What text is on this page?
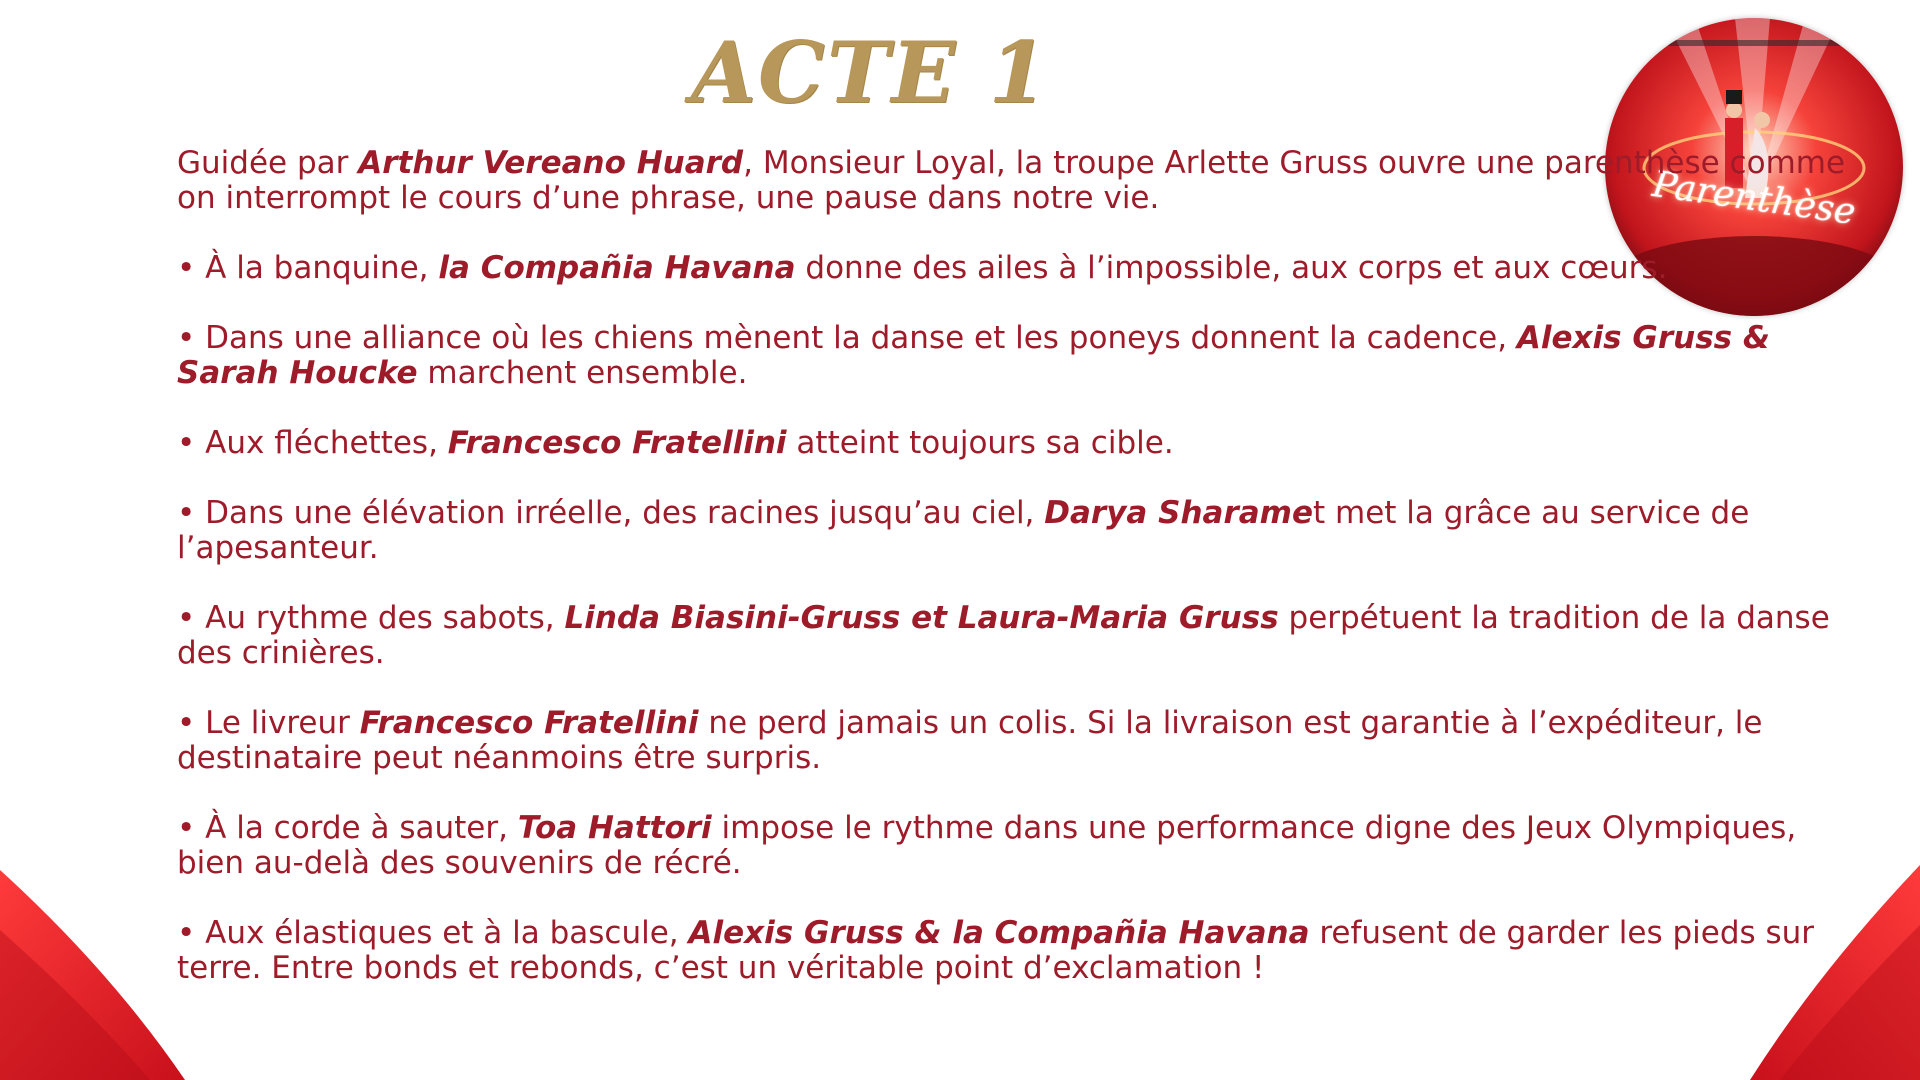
ACTE 1
Parenthèse

Guidée par Arthur Vereano Huard, Monsieur Loyal, la troupe Arlette Gruss ouvre une parenthèse comme on interrompt le cours d’une phrase, une pause dans notre vie.

• À la banquine, la Compañia Havana donne des ailes à l’impossible, aux corps et aux cœurs.

• Dans une alliance où les chiens mènent la danse et les poneys donnent la cadence, Alexis Gruss & Sarah Houcke marchent ensemble.

• Aux fléchettes, Francesco Fratellini atteint toujours sa cible.

• Dans une élévation irréelle, des racines jusqu’au ciel, Darya Sharamet met la grâce au service de l’apesanteur.

• Au rythme des sabots, Linda Biasini-Gruss et Laura-Maria Gruss perpétuent la tradition de la danse des crinières.

• Le livreur Francesco Fratellini ne perd jamais un colis. Si la livraison est garantie à l’expéditeur, le destinataire peut néanmoins être surpris.

• À la corde à sauter, Toa Hattori impose le rythme dans une performance digne des Jeux Olympiques, bien au-delà des souvenirs de récré.

• Aux élastiques et à la bascule, Alexis Gruss & la Compañia Havana refusent de garder les pieds sur terre. Entre bonds et rebonds, c’est un véritable point d’exclamation !
